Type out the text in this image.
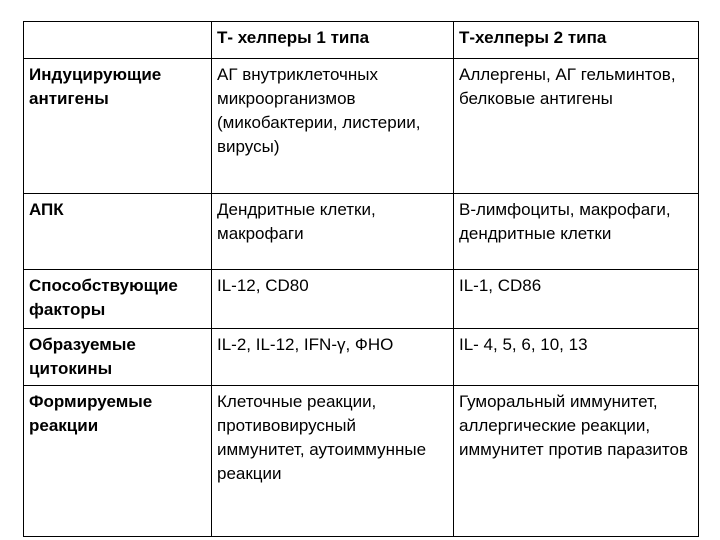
	Т- хелперы 1 типа	Т-хелперы 2 типа
Индуцирующие антигены	АГ внутриклеточных микроорганизмов (микобактерии, листерии, вирусы)	Аллергены, АГ гельминтов, белковые антигены
АПК	Дендритные клетки, макрофаги	В-лимфоциты, макрофаги, дендритные клетки
Способствующие факторы	IL-12, CD80	IL-1, CD86
Образуемые цитокины	IL-2, IL-12, IFN-γ, ФНО	IL- 4, 5, 6, 10, 13
Формируемые реакции	Клеточные реакции, противовирусный иммунитет, аутоиммунные реакции	Гуморальный иммунитет, аллергические реакции, иммунитет против паразитов
